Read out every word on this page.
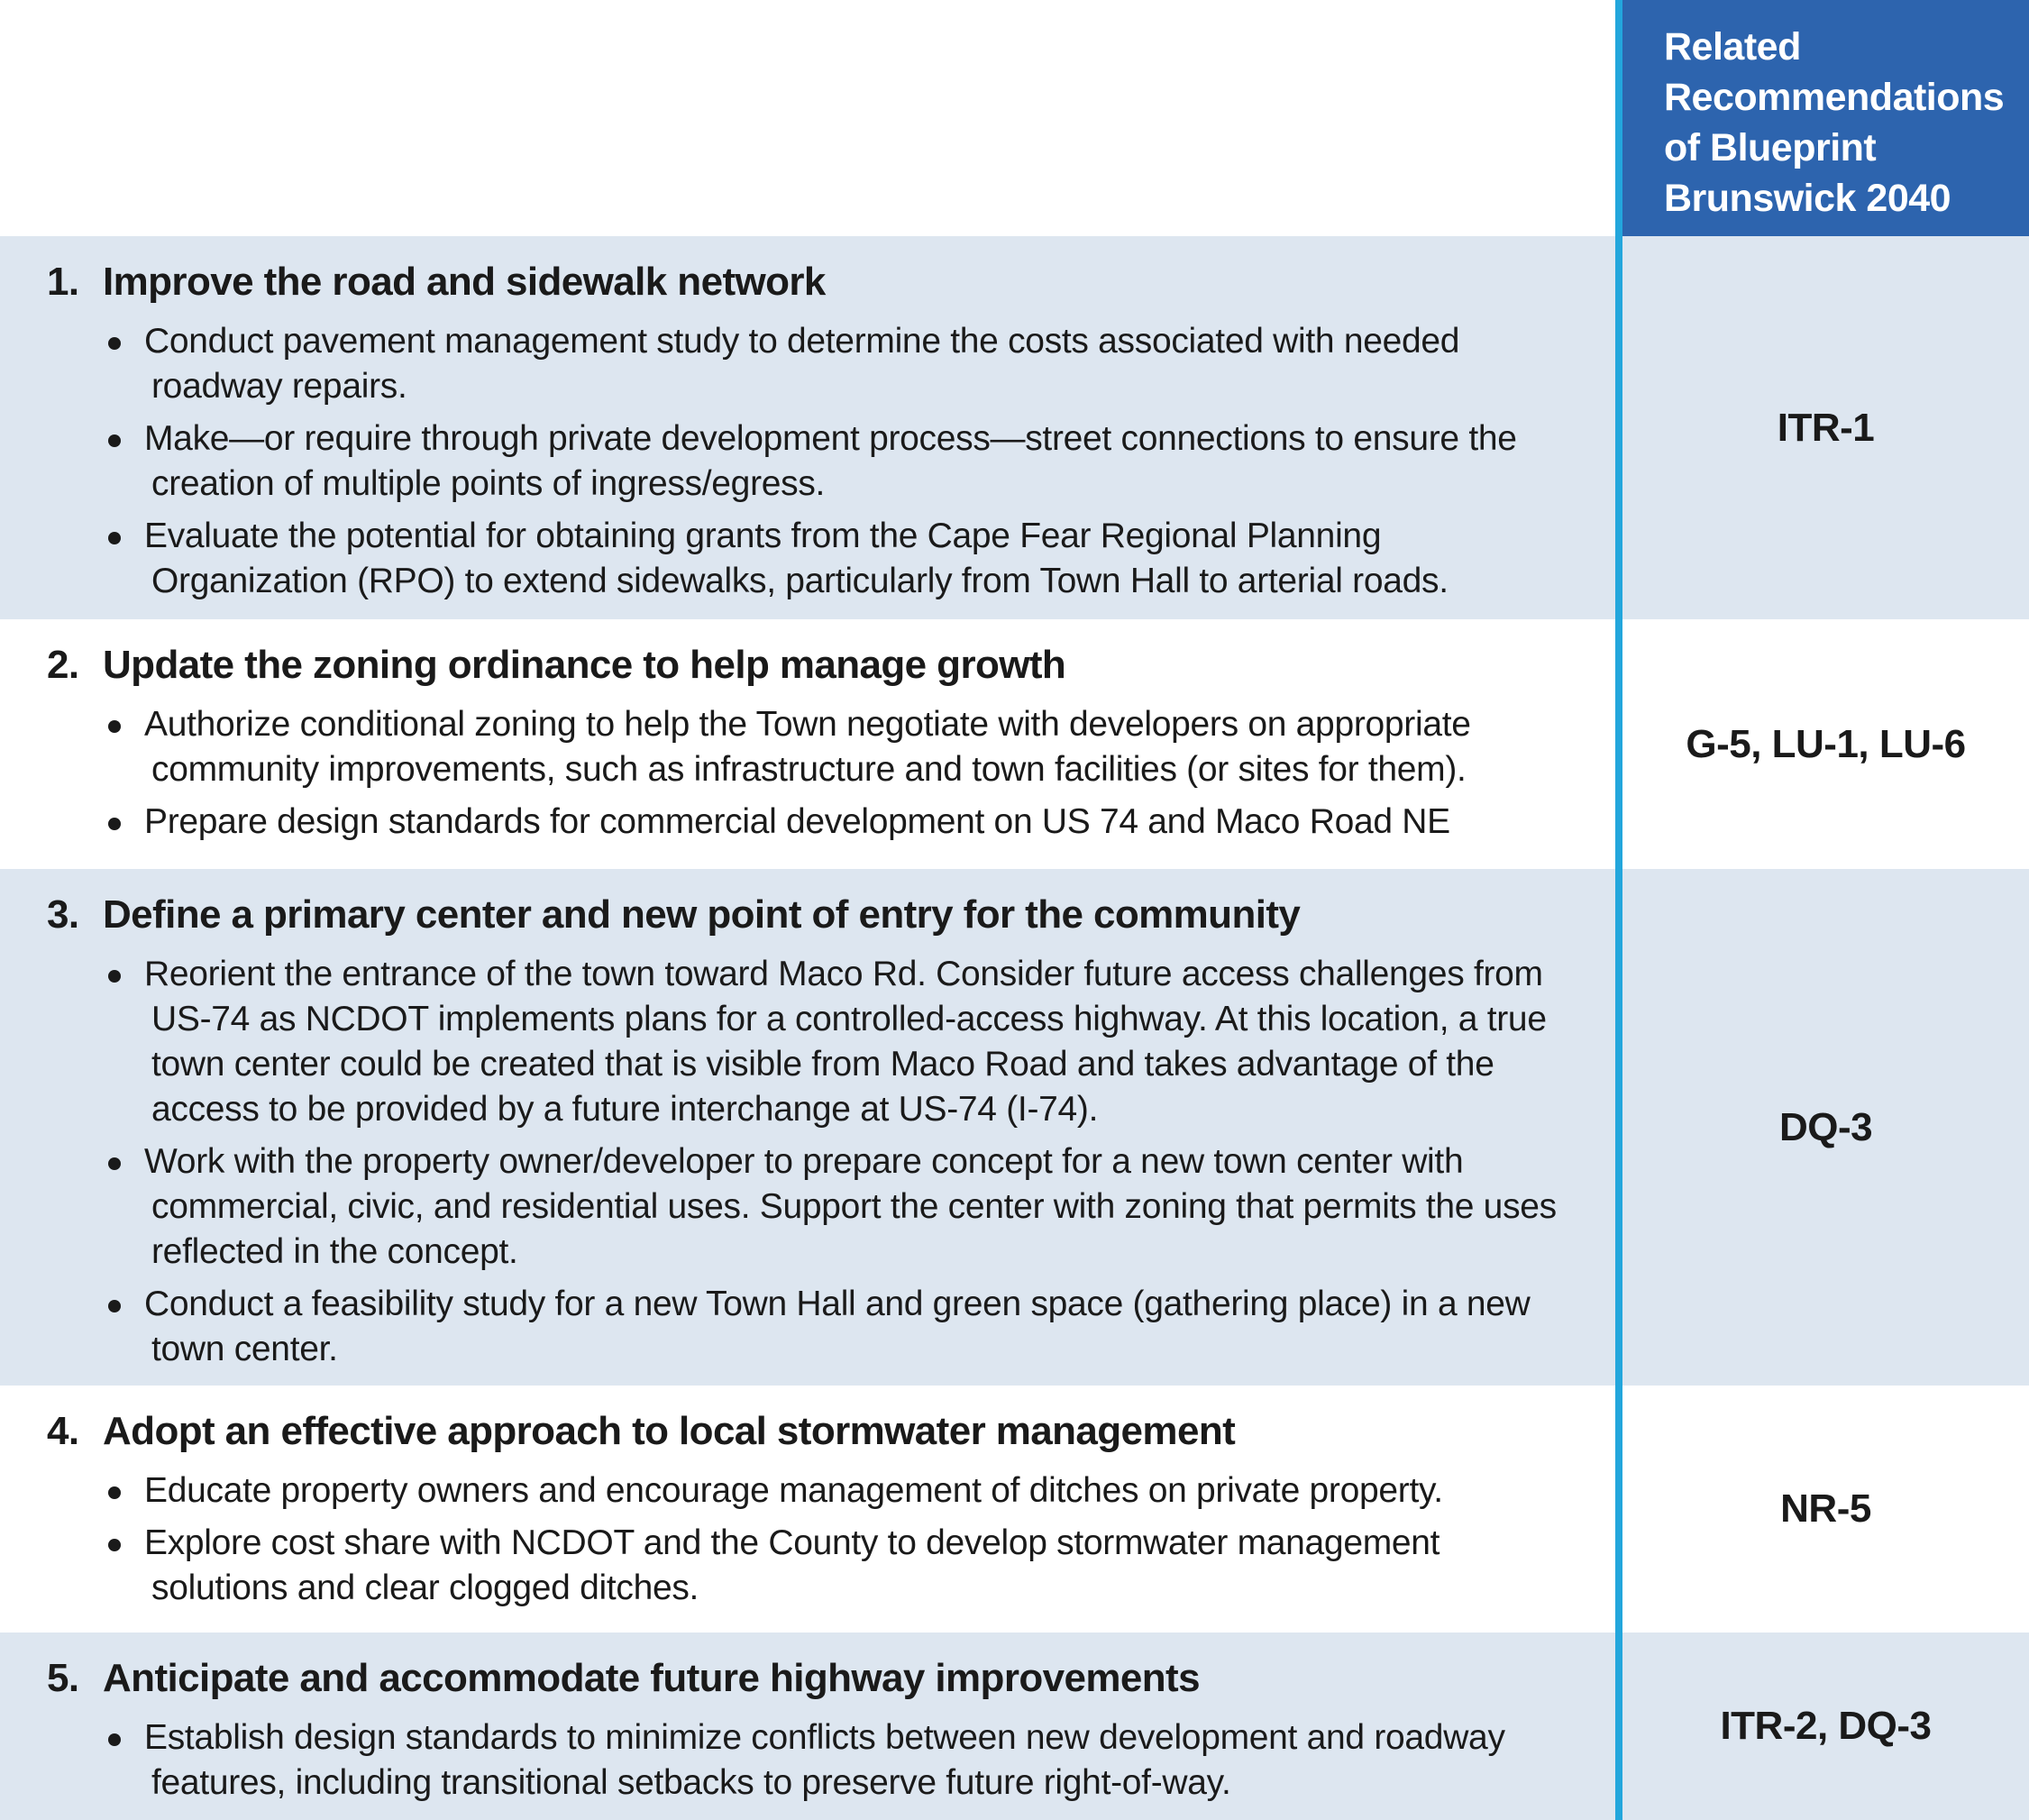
Related
Recommendations
of Blueprint
Brunswick 2040
1. Improve the road and sidewalk network
Conduct pavement management study to determine the costs associated with needed roadway repairs.
Make—or require through private development process—street connections to ensure the creation of multiple points of ingress/egress.
Evaluate the potential for obtaining grants from the Cape Fear Regional Planning Organization (RPO) to extend sidewalks, particularly from Town Hall to arterial roads.
ITR-1
2. Update the zoning ordinance to help manage growth
Authorize conditional zoning to help the Town negotiate with developers on appropriate community improvements, such as infrastructure and town facilities (or sites for them).
Prepare design standards for commercial development on US 74 and Maco Road NE
G-5, LU-1, LU-6
3. Define a primary center and new point of entry for the community
Reorient the entrance of the town toward Maco Rd. Consider future access challenges from US-74 as NCDOT implements plans for a controlled-access highway. At this location, a true town center could be created that is visible from Maco Road and takes advantage of the access to be provided by a future interchange at US-74 (I-74).
Work with the property owner/developer to prepare concept for a new town center with commercial, civic, and residential uses. Support the center with zoning that permits the uses reflected in the concept.
Conduct a feasibility study for a new Town Hall and green space (gathering place) in a new town center.
DQ-3
4. Adopt an effective approach to local stormwater management
Educate property owners and encourage management of ditches on private property.
Explore cost share with NCDOT and the County to develop stormwater management solutions and clear clogged ditches.
NR-5
5. Anticipate and accommodate future highway improvements
Establish design standards to minimize conflicts between new development and roadway features, including transitional setbacks to preserve future right-of-way.
ITR-2, DQ-3
